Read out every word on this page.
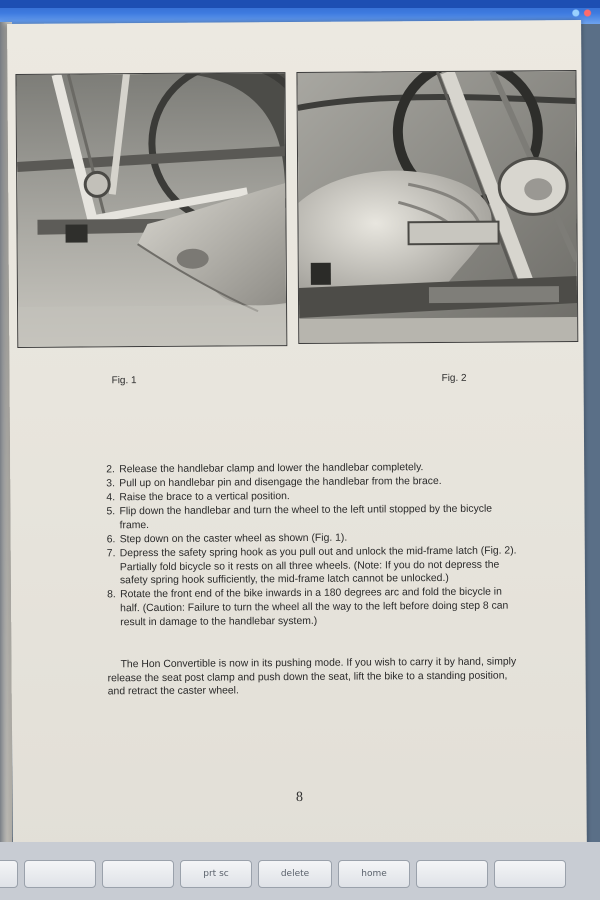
Fig. 1	Fig. 2
2. Release the handlebar clamp and lower the handlebar completely.
3. Pull up on handlebar pin and disengage the handlebar from the brace.
4. Raise the brace to a vertical position.
5. Flip down the handlebar and turn the wheel to the left until stopped by the bicycle frame.
6. Step down on the caster wheel as shown (Fig. 1).
7. Depress the safety spring hook as you pull out and unlock the mid-frame latch (Fig. 2). Partially fold bicycle so it rests on all three wheels. (Note: If you do not depress the safety spring hook sufficiently, the mid-frame latch cannot be unlocked.)
8. Rotate the front end of the bike inwards in a 180 degrees arc and fold the bicycle in half. (Caution: Failure to turn the wheel all the way to the left before doing step 8 can result in damage to the handlebar system.)

The Hon Convertible is now in its pushing mode. If you wish to carry it by hand, simply release the seat post clamp and push down the seat, lift the bike to a standing position, and retract the caster wheel.

8
prt sc	delete	home
